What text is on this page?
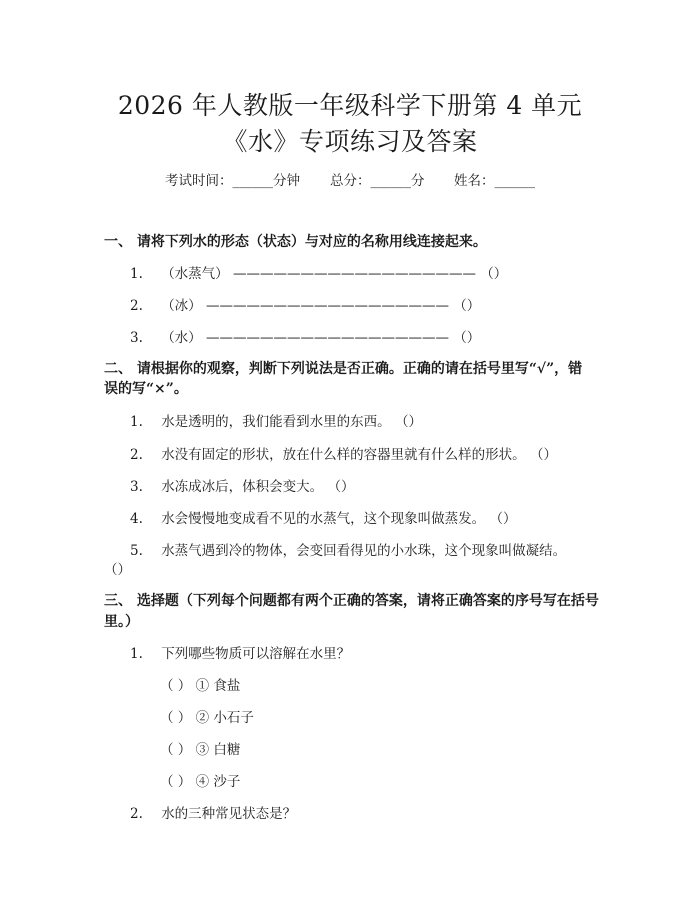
2026 年人教版一年级科学下册第 4 单元
《水》专项练习及答案
考试时间：______分钟 总分：______分 姓名：______
一、 请将下列水的形态（状态）与对应的名称用线连接起来。
1. （水蒸气） —————————————————— （）
2. （冰） —————————————————— （）
3. （水） —————————————————— （）
二、 请根据你的观察，判断下列说法是否正确。正确的请在括号里写“√”，错
误的写“×”。
1. 水是透明的，我们能看到水里的东西。 （）
2. 水没有固定的形状，放在什么样的容器里就有什么样的形状。 （）
3. 水冻成冰后，体积会变大。 （）
4. 水会慢慢地变成看不见的水蒸气，这个现象叫做蒸发。 （）
5. 水蒸气遇到冷的物体，会变回看得见的小水珠，这个现象叫做凝结。
（）
三、 选择题（下列每个问题都有两个正确的答案，请将正确答案的序号写在括号
里。）
1. 下列哪些物质可以溶解在水里？
（ ） ① 食盐
（ ） ② 小石子
（ ） ③ 白糖
（ ） ④ 沙子
2. 水的三种常见状态是？
